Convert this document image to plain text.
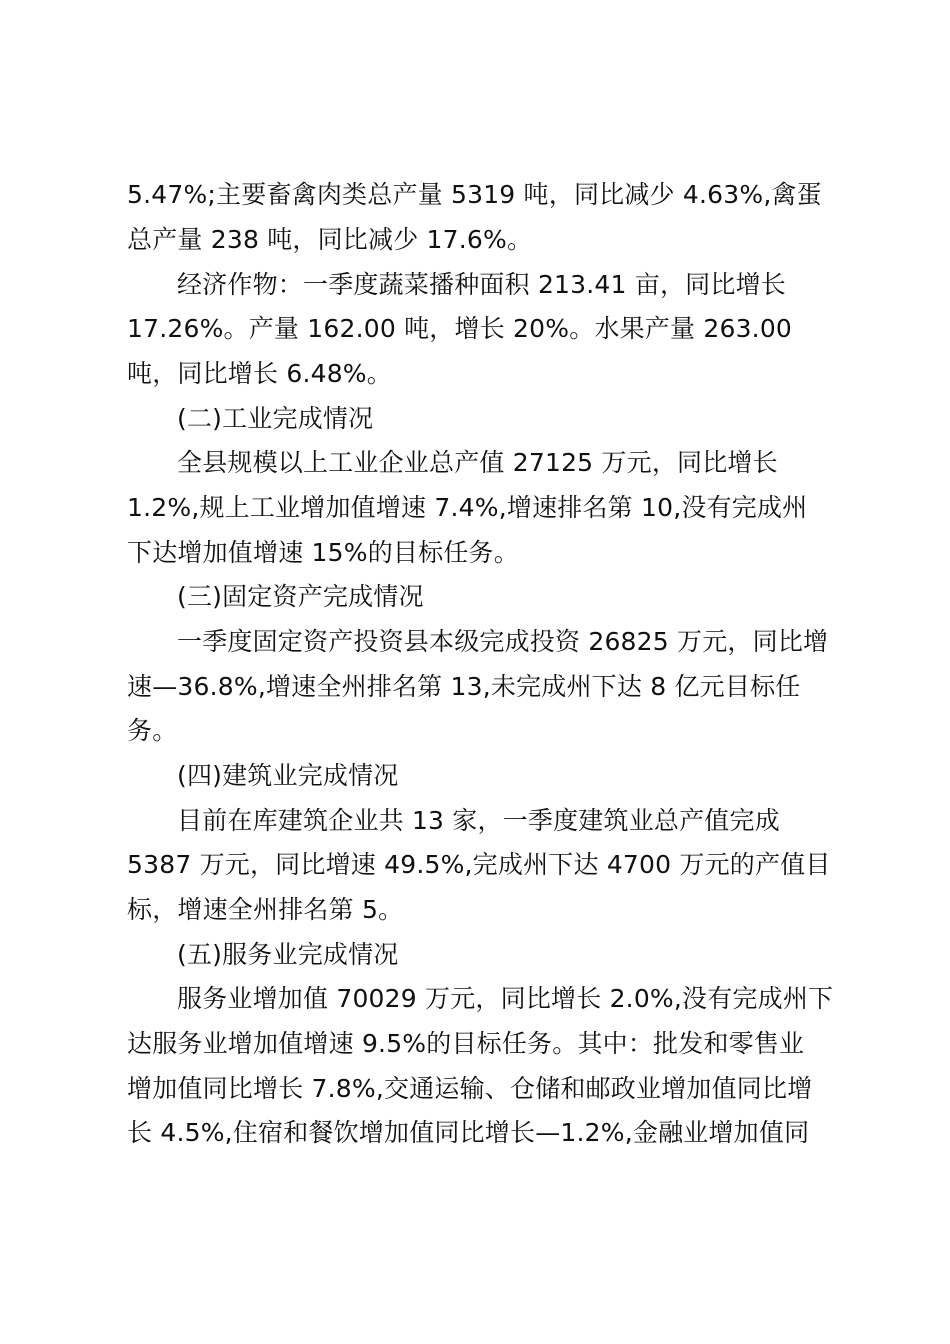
5.47%;主要畜禽肉类总产量 5319 吨，同比减少 4.63%,禽蛋
总产量 238 吨，同比减少 17.6%。
经济作物：一季度蔬菜播种面积 213.41 亩，同比增长
17.26%。产量 162.00 吨，增长 20%。水果产量 263.00
吨，同比增长 6.48%。
(二)工业完成情况
全县规模以上工业企业总产值 27125 万元，同比增长
1.2%,规上工业增加值增速 7.4%,增速排名第 10,没有完成州
下达增加值增速 15%的目标任务。
(三)固定资产完成情况
一季度固定资产投资县本级完成投资 26825 万元，同比增
速—36.8%,增速全州排名第 13,未完成州下达 8 亿元目标任
务。
(四)建筑业完成情况
目前在库建筑企业共 13 家，一季度建筑业总产值完成
5387 万元，同比增速 49.5%,完成州下达 4700 万元的产值目
标，增速全州排名第 5。
(五)服务业完成情况
服务业增加值 70029 万元，同比增长 2.0%,没有完成州下
达服务业增加值增速 9.5%的目标任务。其中：批发和零售业
增加值同比增长 7.8%,交通运输、仓储和邮政业增加值同比增
长 4.5%,住宿和餐饮增加值同比增长—1.2%,金融业增加值同
